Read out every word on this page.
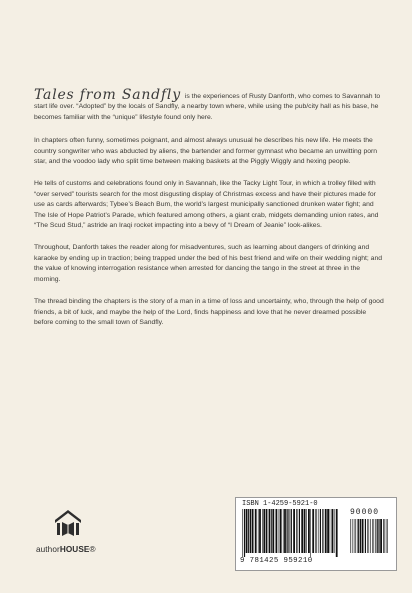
Tales from Sandfly is the experiences of Rusty Danforth, who comes to Savannah to start life over. “Adopted” by the locals of Sandfly, a nearby town where, while using the pub/city hall as his base, he becomes familiar with the “unique” lifestyle found only here.

In chapters often funny, sometimes poignant, and almost always unusual he describes his new life. He meets the country songwriter who was abducted by aliens, the bartender and former gymnast who became an unwitting porn star, and the voodoo lady who split time between making baskets at the Piggly Wiggly and hexing people.

He tells of customs and celebrations found only in Savannah, like the Tacky Light Tour, in which a trolley filled with “over served” tourists search for the most disgusting display of Christmas excess and have their pictures made for use as cards afterwards; Tybee’s Beach Bum, the world’s largest municipally sanctioned drunken water fight; and The Isle of Hope Patriot’s Parade, which featured among others, a giant crab, midgets demanding union rates, and “The Scud Stud,” astride an Iraqi rocket impacting into a bevy of “I Dream of Jeanie” look-alikes.

Throughout, Danforth takes the reader along for misadventures, such as learning about dangers of drinking and karaoke by ending up in traction; being trapped under the bed of his best friend and wife on their wedding night; and the value of knowing interrogation resistance when arrested for dancing the tango in the street at three in the morning.

The thread binding the chapters is the story of a man in a time of loss and uncertainty, who, through the help of good friends, a bit of luck, and maybe the help of the Lord, finds happiness and love that he never dreamed possible before coming to the small town of Sandfly.

authorHOUSE®
ISBN 1-4259-5921-0
90000
9 781425 959210
